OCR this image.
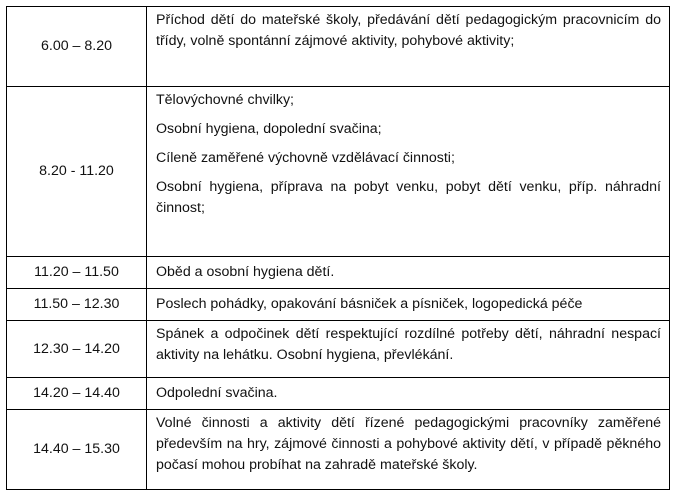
6.00 – 8.20	Příchod dětí do mateřské školy, předávání dětí pedagogickým pracovnicím do třídy, volně spontánní zájmové aktivity, pohybové aktivity;

8.20 - 11.20	Tělovýchovné chvilky;

Osobní hygiena, dopolední svačina;

Cíleně zaměřené výchovně vzdělávací činnosti;

Osobní hygiena, příprava na pobyt venku, pobyt dětí venku, příp. náhradní činnost;

11.20 – 11.50	Oběd a osobní hygiena dětí.

11.50 – 12.30	Poslech pohádky, opakování básniček a písniček, logopedická péče

12.30 – 14.20	Spánek a odpočinek dětí respektující rozdílné potřeby dětí, náhradní nespací aktivity na lehátku. Osobní hygiena, převlékání.

14.20 – 14.40	Odpolední svačina.

14.40 – 15.30	Volné činnosti a aktivity dětí řízené pedagogickými pracovníky zaměřené především na hry, zájmové činnosti a pohybové aktivity dětí, v případě pěkného počasí mohou probíhat na zahradě mateřské školy.
